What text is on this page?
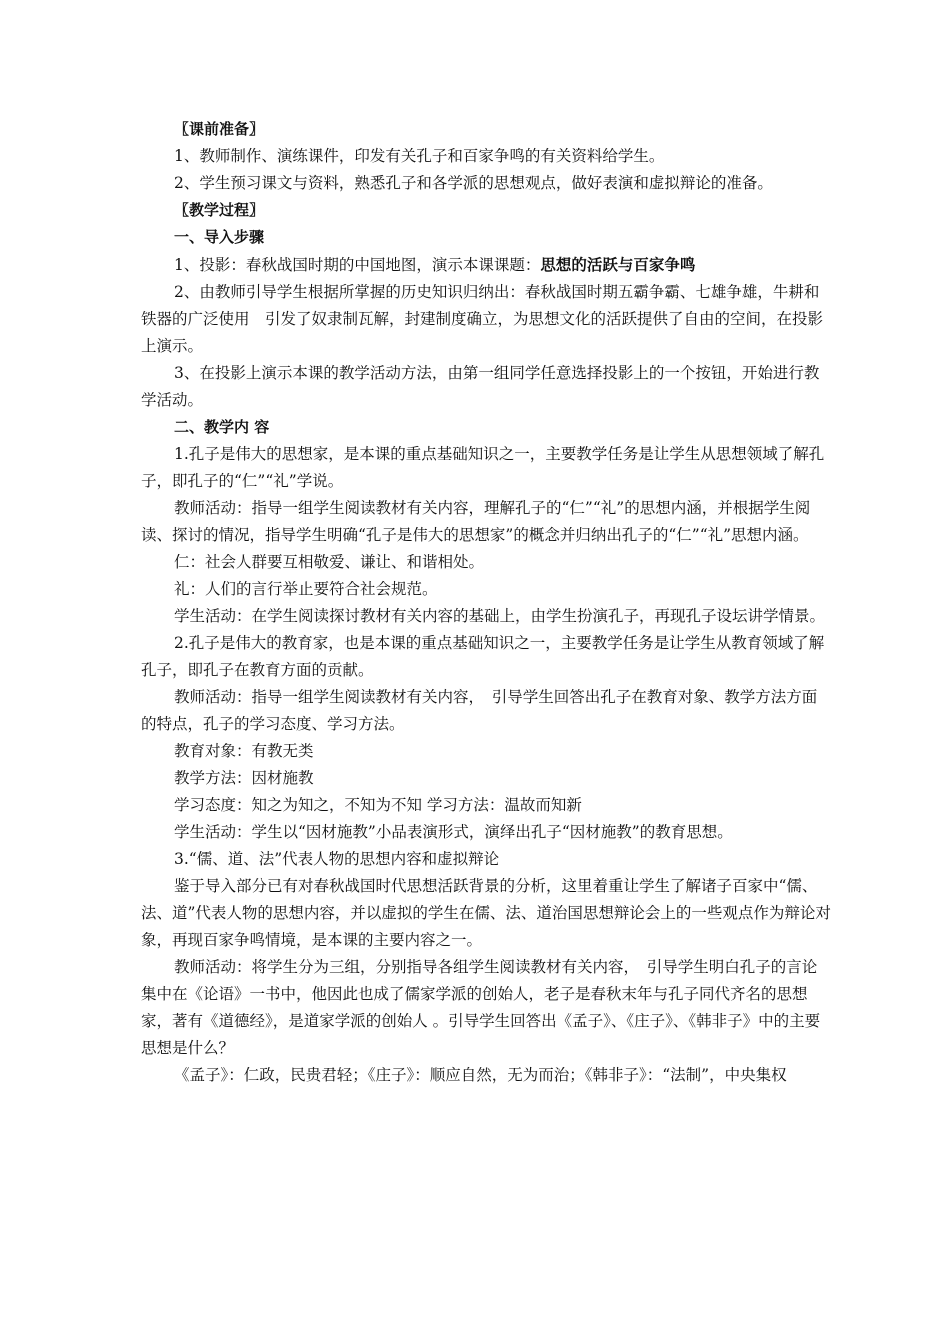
〖课前准备〗

1、教师制作、演练课件，印发有关孔子和百家争鸣的有关资料给学生。

2、学生预习课文与资料，熟悉孔子和各学派的思想观点，做好表演和虚拟辩论的准备。

〖教学过程〗

一、导入步骤

1、投影：春秋战国时期的中国地图，演示本课课题：思想的活跃与百家争鸣

2、由教师引导学生根据所掌握的历史知识归纳出：春秋战国时期五霸争霸、七雄争雄，牛耕和铁器的广泛使用　引发了奴隶制瓦解，封建制度确立，为思想文化的活跃提供了自由的空间，在投影上演示。

3、在投影上演示本课的教学活动方法，由第一组同学任意选择投影上的一个按钮，开始进行教学活动。

二、教学内 容

1.孔子是伟大的思想家，是本课的重点基础知识之一，主要教学任务是让学生从思想领域了解孔子，即孔子的“仁”“礼”学说。

教师活动：指导一组学生阅读教材有关内容，理解孔子的“仁”“礼”的思想内涵，并根据学生阅读、探讨的情况，指导学生明确“孔子是伟大的思想家”的概念并归纳出孔子的“仁”“礼”思想内涵。

仁：社会人群要互相敬爱、谦让、和谐相处。

礼：人们的言行举止要符合社会规范。

学生活动：在学生阅读探讨教材有关内容的基础上，由学生扮演孔子，再现孔子设坛讲学情景。

2.孔子是伟大的教育家，也是本课的重点基础知识之一，主要教学任务是让学生从教育领域了解孔子，即孔子在教育方面的贡献。

教师活动：指导一组学生阅读教材有关内容，　引导学生回答出孔子在教育对象、教学方法方面的特点，孔子的学习态度、学习方法。

教育对象：有教无类

教学方法：因材施教

学习态度：知之为知之，不知为不知 学习方法：温故而知新

学生活动：学生以“因材施教”小品表演形式，演绎出孔子“因材施教”的教育思想。

3.“儒、道、法”代表人物的思想内容和虚拟辩论

鉴于导入部分已有对春秋战国时代思想活跃背景的分析，这里着重让学生了解诸子百家中“儒、法、道”代表人物的思想内容，并以虚拟的学生在儒、法、道治国思想辩论会上的一些观点作为辩论对象，再现百家争鸣情境，是本课的主要内容之一。

教师活动：将学生分为三组，分别指导各组学生阅读教材有关内容，　引导学生明白孔子的言论集中在《论语》一书中，他因此也成了儒家学派的创始人，老子是春秋末年与孔子同代齐名的思想家，著有《道德经》，是道家学派的创始人 。引导学生回答出《孟子》、《庄子》、《韩非子》中的主要思想是什么？

《孟子》：仁政，民贵君轻；《庄子》：顺应自然，无为而治；《韩非子》：“法制”，中央集权
